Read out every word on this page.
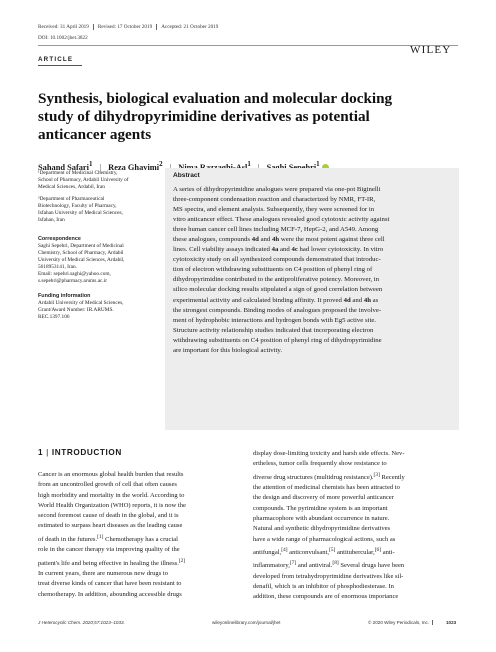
Received: 31 April 2019 Revised: 17 October 2019 Accepted: 21 October 2019
DOI: 10.1002/jhet.3822
ARTICLE
WILEY
Synthesis, biological evaluation and molecular docking study of dihydropyrimidine derivatives as potential anticancer agents
Sahand Safari$^1$ | Reza Ghavimi$^2$	$^1$	$^1$
¹Department of Medicinal Chemistry,
School of Pharmacy, Ardabil University of
Medical Sciences, Ardabil, Iran
²Department of Pharmaceutical
Biotechnology, Faculty of Pharmacy,
Isfahan University of Medical Sciences,
Isfahan, Iran
Correspondence
Saghi Sepehri, Department of Medicinal
Chemistry, School of Pharmacy, Ardabil
University of Medical Sciences, Ardabil,
5618953141, Iran.
Email: sepehri.saghi@yahoo.com,
s.sepehri@pharmacy.arums.ac.ir
Funding information
Ardabil University of Medical Sciences,
Grant/Award Number: IR.ARUMS.
REC.1397.106
Abstract
A series of dihydropyrimidine analogues were prepared via one-pot Biginelli
three-component condensation reaction and characterized by NMR, FT-IR,
MS spectra, and element analysis. Subsequently, they were screened for in
vitro anticancer effect. These analogues revealed good cytotoxic activity against
three human cancer cell lines including MCF-7, HepG-2, and A549. Among
these analogues, compounds 4d and 4h were the most potent against three cell
lines. Cell viability assays indicated 4a and 4c had lower cytotoxicity. In vitro
cytotoxicity study on all synthesized compounds demonstrated that introduc-
tion of electron withdrawing substituents on C4 position of phenyl ring of
dihydropyrimidine contributed to the antiproliferative potency. Moreover, in
silico molecular docking results stipulated a sign of good correlation between
experimental activity and calculated binding affinity. It proved 4d and 4h as
the strongest compounds. Binding modes of analogues proposed the involve-
ment of hydrophobic interactions and hydrogen bonds with Eg5 active site.
Structure activity relationship studies indicated that incorporating electron
withdrawing substituents on C4 position of phenyl ring of dihydropyrimidine
are important for this biological activity.
1 | INTRODUCTION
Cancer is an enormous global health burden that results
from an uncontrolled growth of cell that often causes
high morbidity and mortality in the world. According to
World Health Organization (WHO) reports, it is now the
second foremost cause of death in the global, and it is
estimated to surpass heart diseases as the leading cause
of death in the futures.[1] Chemotherapy has a crucial
role in the cancer therapy via improving quality of the
patient's life and being effective in healing the illness.[2]
In current years, there are numerous new drugs to
treat diverse kinds of cancer that have been resistant to
chemotherapy. In addition, abounding accessible drugs
display dose-limiting toxicity and harsh side effects. Nev-
ertheless, tumor cells frequently show resistance to
diverse drug structures (multidrug resistance).[3] Recently
the attention of medicinal chemists has been attracted to
the design and discovery of more powerful anticancer
compounds. The pyrimidine system is an important
pharmacophore with abundant occurrence in nature.
Natural and synthetic dihydropyrimidine derivatives
have a wide range of pharmacological actions, such as
antifungal,[4] anticonvulsant,[5] antitubercular,[6] anti-
inflammatory,[7] and antiviral.[8] Several drugs have been
developed from tetrahydropyrimidine derivatives like sil-
denafil, which is an inhibitor of phosphodiesterase. In
addition, these compounds are of enormous importance
J Heterocyclic Chem. 2020;57:1023–1033.	wileyonlinelibrary.com/journal/jhet	© 2020 Wiley Periodicals, Inc.	1023
